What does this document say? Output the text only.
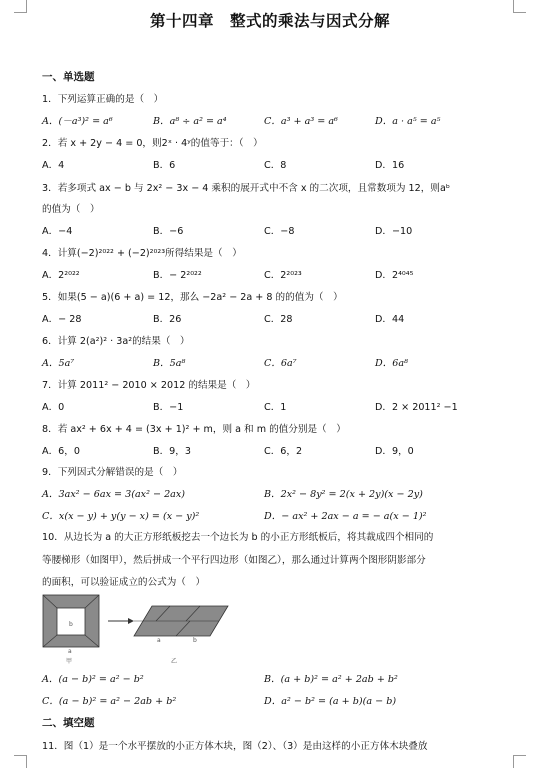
第十四章　整式的乘法与因式分解
一、单选题
1．下列运算正确的是（　）
A．(－a³)² = a⁶	B．a⁸ ÷ a² = a⁴	C．a³ + a³ = a⁶	D．a · a⁵ = a⁵
2．若 x + 2y − 4 = 0，则2ˣ · 4ʸ的值等于：（　）
A．4	B．6	C．8	D．16
3．若多项式 ax − b 与 2x² − 3x − 4 乘积的展开式中不含 x 的二次项，且常数项为 12，则aᵇ
的值为（　）
A．−4	B．−6	C．−8	D．−10
4．计算(−2)²⁰²² + (−2)²⁰²³所得结果是（　）
A．2²⁰²²	B．− 2²⁰²²	C．2²⁰²³	D．2⁴⁰⁴⁵
5．如果(5 − a)(6 + a) = 12，那么 −2a² − 2a + 8 的的值为（　）
A．− 28	B．26	C．28	D．44
6．计算 2(a²)² · 3a²的结果（　）
A．5a⁷	B．5a⁸	C．6a⁷	D．6a⁸
7．计算 2011² − 2010 × 2012 的结果是（　）
A．0	B．−1	C．1	D．2 × 2011² −1
8．若 ax² + 6x + 4 = (3x + 1)² + m，则 a 和 m 的值分别是（　）
A．6，0	B．9，3	C．6，2	D．9，0
9．下列因式分解错误的是（　）
A．3ax² − 6ax = 3(ax² − 2ax)	B．2x² − 8y² = 2(x + 2y)(x − 2y)
C．x(x − y) + y(y − x) = (x − y)²	D．− ax² + 2ax − a = − a(x − 1)²
10．从边长为 a 的大正方形纸板挖去一个边长为 b 的小正方形纸板后，将其裁成四个相同的
等腰梯形（如图甲），然后拼成一个平行四边形（如图乙），那么通过计算两个图形阴影部分
的面积，可以验证成立的公式为（　）
b
a
甲
a	b
乙
A．(a − b)² = a² − b²	B．(a + b)² = a² + 2ab + b²
C．(a − b)² = a² − 2ab + b²	D．a² − b² = (a + b)(a − b)
二、填空题
11．图（1）是一个水平摆放的小正方体木块，图（2）、（3）是由这样的小正方体木块叠放
